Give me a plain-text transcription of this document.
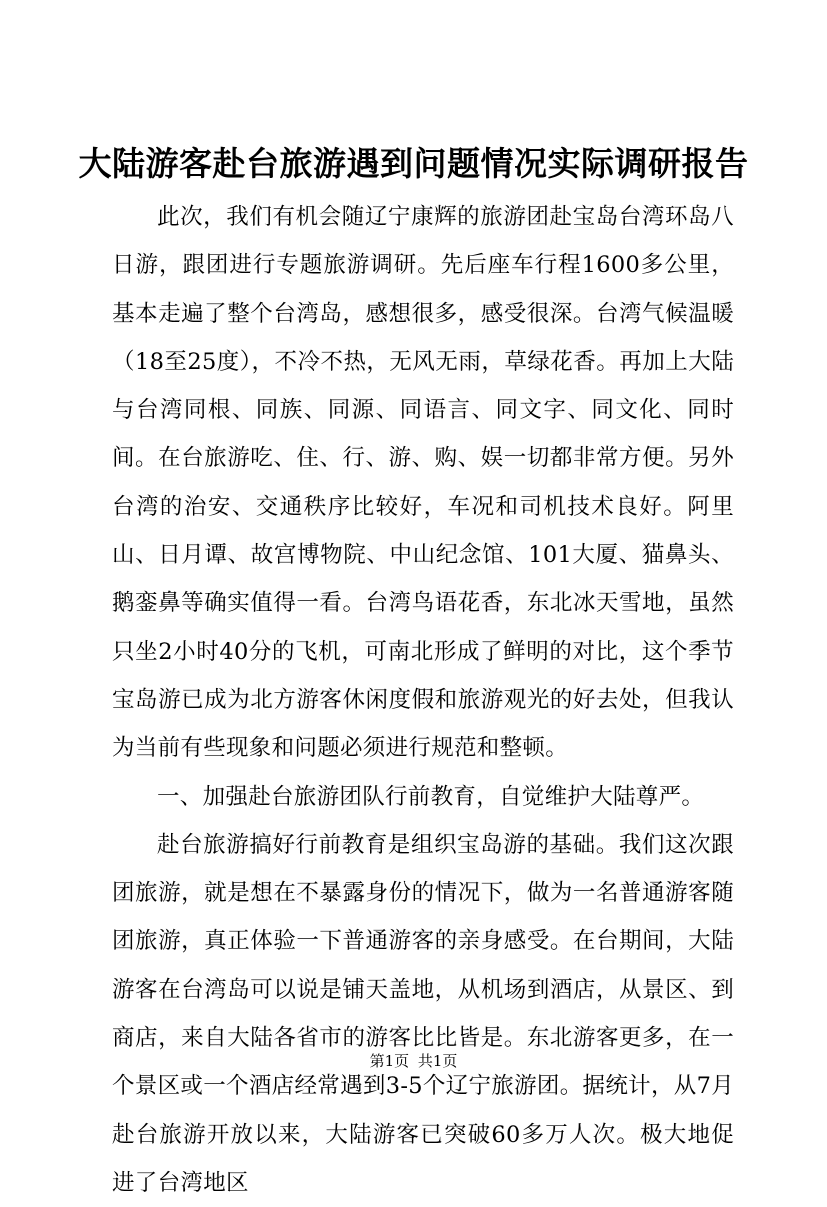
大陆游客赴台旅游遇到问题情况实际调研报告

此次，我们有机会随辽宁康辉的旅游团赴宝岛台湾环岛八日游，跟团进行专题旅游调研。先后座车行程1600多公里，基本走遍了整个台湾岛，感想很多，感受很深。台湾气候温暖（18至25度），不冷不热，无风无雨，草绿花香。再加上大陆与台湾同根、同族、同源、同语言、同文字、同文化、同时间。在台旅游吃、住、行、游、购、娱一切都非常方便。另外台湾的治安、交通秩序比较好，车况和司机技术良好。阿里山、日月谭、故宫博物院、中山纪念馆、101大厦、猫鼻头、鹅銮鼻等确实值得一看。台湾鸟语花香，东北冰天雪地，虽然只坐2小时40分的飞机，可南北形成了鲜明的对比，这个季节宝岛游已成为北方游客休闲度假和旅游观光的好去处，但我认为当前有些现象和问题必须进行规范和整顿。

一、加强赴台旅游团队行前教育，自觉维护大陆尊严。

赴台旅游搞好行前教育是组织宝岛游的基础。我们这次跟团旅游，就是想在不暴露身份的情况下，做为一名普通游客随团旅游，真正体验一下普通游客的亲身感受。在台期间，大陆游客在台湾岛可以说是铺天盖地，从机场到酒店，从景区、到商店，来自大陆各省市的游客比比皆是。东北游客更多，在一个景区或一个酒店经常遇到3-5个辽宁旅游团。据统计，从7月赴台旅游开放以来，大陆游客已突破60多万人次。极大地促进了台湾地区

第1页 共1页
